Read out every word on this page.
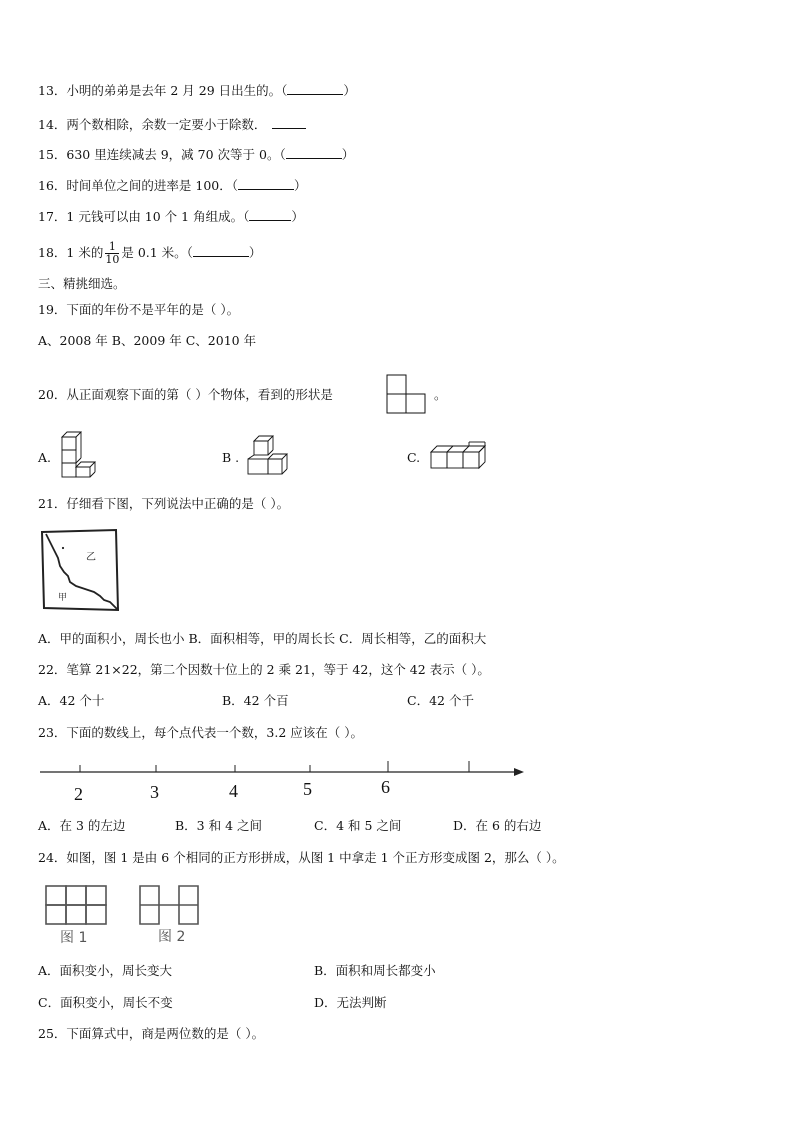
13．小明的弟弟是去年 2 月 29 日出生的。（	）
14．两个数相除，余数一定要小于除数．
15．630 里连续减去 9，减 70 次等于 0。（	）
16．时间单位之间的进率是 100．（	）
17．1 元钱可以由 10 个 1 角组成。（	）
18．1 米的 $\frac{1}{10}$ 是 0.1 米。（	）
三、精挑细选。
19．下面的年份不是平年的是（ ）。
A、2008 年 B、2009 年 C、2010 年
20．从正面观察下面的第（ ）个物体，看到的形状是	。
A.	B .	C.
21．仔细看下图，下列说法中正确的是（ ）。
乙
甲
A．甲的面积小，周长也小 B．面积相等，甲的周长长 C．周长相等，乙的面积大
22．笔算 21×22，第二个因数十位上的 2 乘 21，等于 42，这个 42 表示（ ）。
A．42 个十	B．42 个百	C．42 个千
23．下面的数线上，每个点代表一个数，3.2 应该在（ ）。
2	3	4	5	6
A．在 3 的左边	B．3 和 4 之间	C．4 和 5 之间	D．在 6 的右边
24．如图，图 1 是由 6 个相同的正方形拼成，从图 1 中拿走 1 个正方形变成图 2，那么（ ）。
图 1	图 2
A．面积变小，周长变大	B．面积和周长都变小
C．面积变小，周长不变	D．无法判断
25．下面算式中，商是两位数的是（ ）。
